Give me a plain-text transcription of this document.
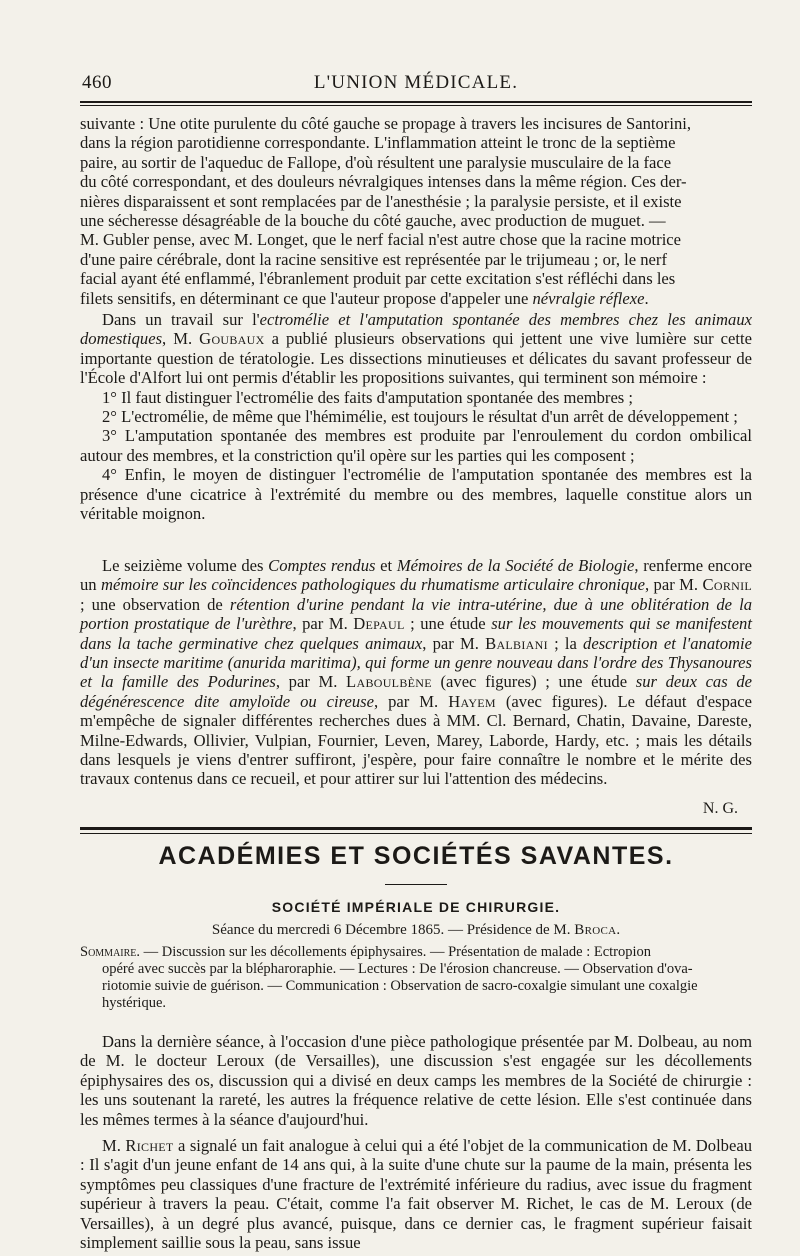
460	L'UNION MÉDICALE.
suivante : Une otite purulente du côté gauche se propage à travers les incisures de Santorini,
dans la région parotidienne correspondante. L'inflammation atteint le tronc de la septième
paire, au sortir de l'aqueduc de Fallope, d'où résultent une paralysie musculaire de la face
du côté correspondant, et des douleurs névralgiques intenses dans la même région. Ces der-
nières disparaissent et sont remplacées par de l'anesthésie ; la paralysie persiste, et il existe
une sécheresse désagréable de la bouche du côté gauche, avec production de muguet. —
M. Gubler pense, avec M. Longet, que le nerf facial n'est autre chose que la racine motrice
d'une paire cérébrale, dont la racine sensitive est représentée par le trijumeau ; or, le nerf
facial ayant été enflammé, l'ébranlement produit par cette excitation s'est réfléchi dans les
filets sensitifs, en déterminant ce que l'auteur propose d'appeler une névralgie réflexe.

Dans un travail sur l'ectromélie et l'amputation spontanée des membres chez les animaux domestiques, M. Goubaux a publié plusieurs observations qui jettent une vive lumière sur cette importante question de tératologie. Les dissections minutieuses et délicates du savant professeur de l'École d'Alfort lui ont permis d'établir les propositions suivantes, qui terminent son mémoire :

1° Il faut distinguer l'ectromélie des faits d'amputation spontanée des membres ;

2° L'ectromélie, de même que l'hémimélie, est toujours le résultat d'un arrêt de développement ;

3° L'amputation spontanée des membres est produite par l'enroulement du cordon ombilical autour des membres, et la constriction qu'il opère sur les parties qui les composent ;

4° Enfin, le moyen de distinguer l'ectromélie de l'amputation spontanée des membres est la présence d'une cicatrice à l'extrémité du membre ou des membres, laquelle constitue alors un véritable moignon.

Le seizième volume des Comptes rendus et Mémoires de la Société de Biologie, renferme encore un mémoire sur les coïncidences pathologiques du rhumatisme articulaire chronique, par M. Cornil ; une observation de rétention d'urine pendant la vie intra-utérine, due à une oblitération de la portion prostatique de l'urèthre, par M. Depaul ; une étude sur les mouvements qui se manifestent dans la tache germinative chez quelques animaux, par M. Balbiani ; la description et l'anatomie d'un insecte maritime (anurida maritima), qui forme un genre nouveau dans l'ordre des Thysanoures et la famille des Podurines, par M. Laboulbène (avec figures) ; une étude sur deux cas de dégénérescence dite amyloïde ou cireuse, par M. Hayem (avec figures). Le défaut d'espace m'empêche de signaler différentes recherches dues à MM. Cl. Bernard, Chatin, Davaine, Dareste, Milne-Edwards, Ollivier, Vulpian, Fournier, Leven, Marey, Laborde, Hardy, etc. ; mais les détails dans lesquels je viens d'entrer suffiront, j'espère, pour faire connaître le nombre et le mérite des travaux contenus dans ce recueil, et pour attirer sur lui l'attention des médecins.

N. G.
ACADÉMIES ET SOCIÉTÉS SAVANTES.
SOCIÉTÉ IMPÉRIALE DE CHIRURGIE.
Séance du mercredi 6 Décembre 1865. — Présidence de M. Broca.
Sommaire. — Discussion sur les décollements épiphysaires. — Présentation de malade : Ectropion
opéré avec succès par la blépharoraphie. — Lectures : De l'érosion chancreuse. — Observation d'ova-
riotomie suivie de guérison. — Communication : Observation de sacro-coxalgie simulant une coxalgie
hystérique.

Dans la dernière séance, à l'occasion d'une pièce pathologique présentée par M. Dolbeau, au nom de M. le docteur Leroux (de Versailles), une discussion s'est engagée sur les décollements épiphysaires des os, discussion qui a divisé en deux camps les membres de la Société de chirurgie : les uns soutenant la rareté, les autres la fréquence relative de cette lésion. Elle s'est continuée dans les mêmes termes à la séance d'aujourd'hui.

M. Richet a signalé un fait analogue à celui qui a été l'objet de la communication de M. Dolbeau : Il s'agit d'un jeune enfant de 14 ans qui, à la suite d'une chute sur la paume de la main, présenta les symptômes peu classiques d'une fracture de l'extrémité inférieure du radius, avec issue du fragment supérieur à travers la peau. C'était, comme l'a fait observer M. Richet, le cas de M. Leroux (de Versailles), à un degré plus avancé, puisque, dans ce dernier cas, le fragment supérieur faisait simplement saillie sous la peau, sans issue
